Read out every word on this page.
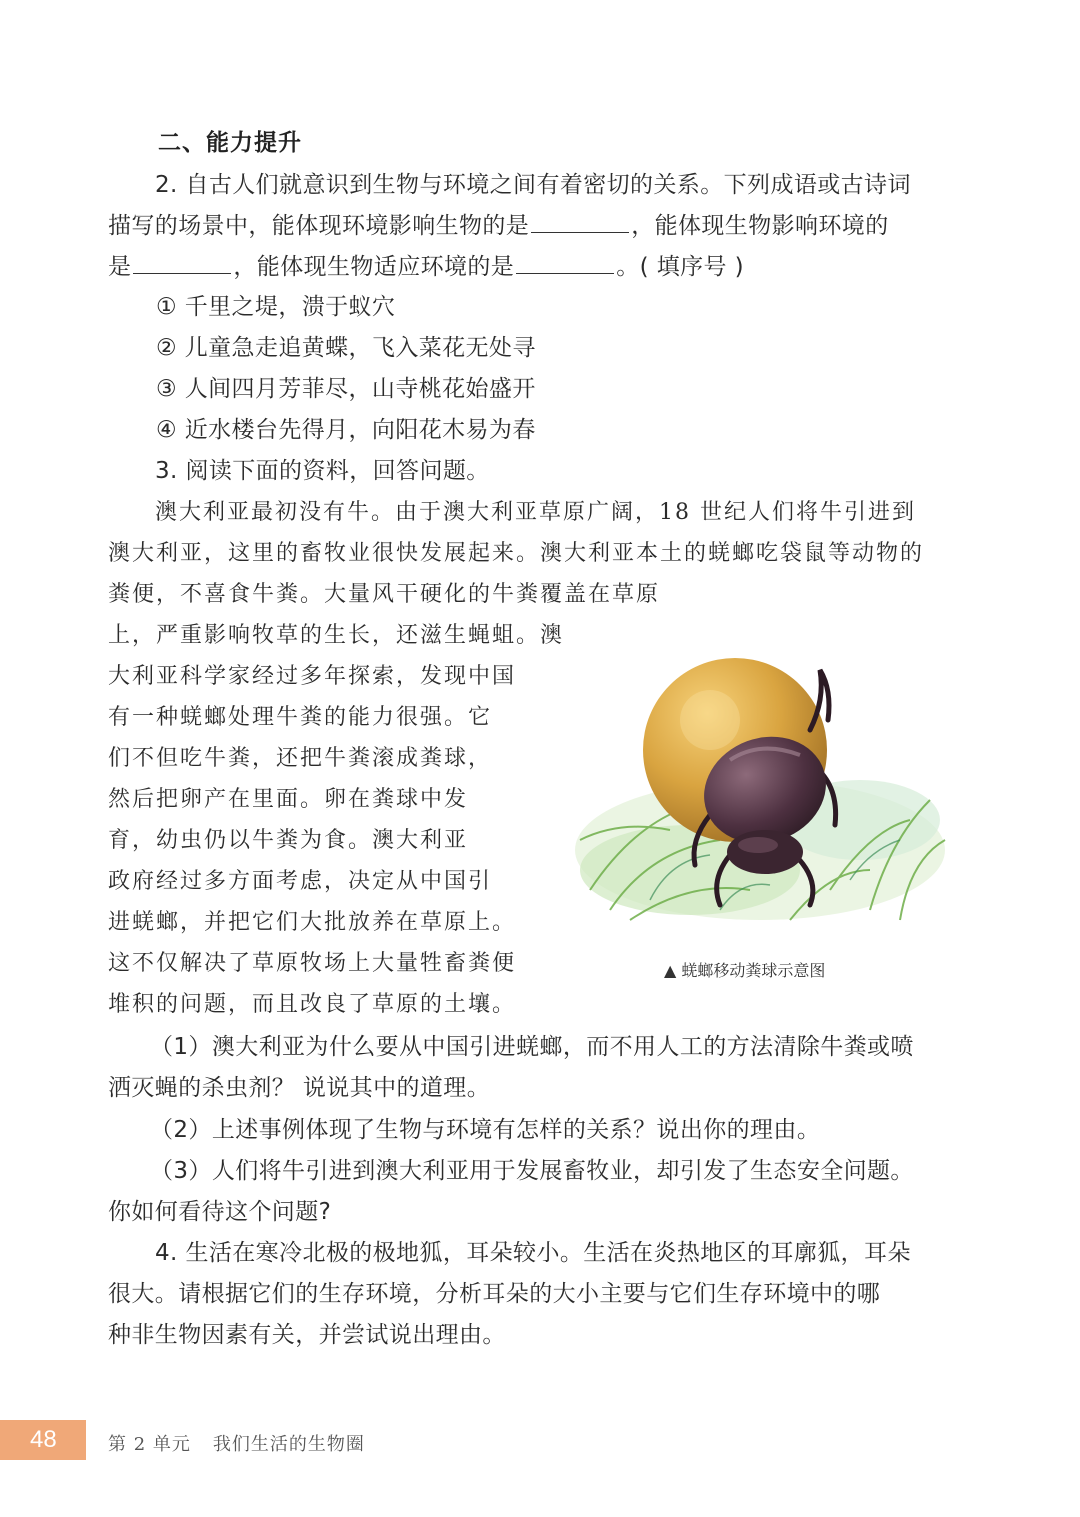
二、能力提升
2. 自古人们就意识到生物与环境之间有着密切的关系。下列成语或古诗词
描写的场景中，能体现环境影响生物的是	，能体现生物影响环境的
是	，能体现生物适应环境的是	。( 填序号 )
① 千里之堤，溃于蚁穴
② 儿童急走追黄蝶，飞入菜花无处寻
③ 人间四月芳菲尽，山寺桃花始盛开
④ 近水楼台先得月，向阳花木易为春
3. 阅读下面的资料，回答问题。
澳大利亚最初没有牛。由于澳大利亚草原广阔，18 世纪人们将牛引进到
澳大利亚，这里的畜牧业很快发展起来。澳大利亚本土的蜣螂吃袋鼠等动物的
粪便，不喜食牛粪。大量风干硬化的牛粪覆盖在草原
上，严重影响牧草的生长，还滋生蝇蛆。澳
大利亚科学家经过多年探索，发现中国
有一种蜣螂处理牛粪的能力很强。它
们不但吃牛粪，还把牛粪滚成粪球，
然后把卵产在里面。卵在粪球中发
育，幼虫仍以牛粪为食。澳大利亚
政府经过多方面考虑，决定从中国引
进蜣螂，并把它们大批放养在草原上。
这不仅解决了草原牧场上大量牲畜粪便
堆积的问题，而且改良了草原的土壤。
▲ 蜣螂移动粪球示意图
（1）澳大利亚为什么要从中国引进蜣螂，而不用人工的方法清除牛粪或喷
洒灭蝇的杀虫剂？ 说说其中的道理。
（2）上述事例体现了生物与环境有怎样的关系？说出你的理由。
（3）人们将牛引进到澳大利亚用于发展畜牧业，却引发了生态安全问题。
你如何看待这个问题?
4. 生活在寒冷北极的极地狐，耳朵较小。生活在炎热地区的耳廓狐，耳朵
很大。请根据它们的生存环境，分析耳朵的大小主要与它们生存环境中的哪
种非生物因素有关，并尝试说出理由。
48	第 2 单元 我们生活的生物圈
